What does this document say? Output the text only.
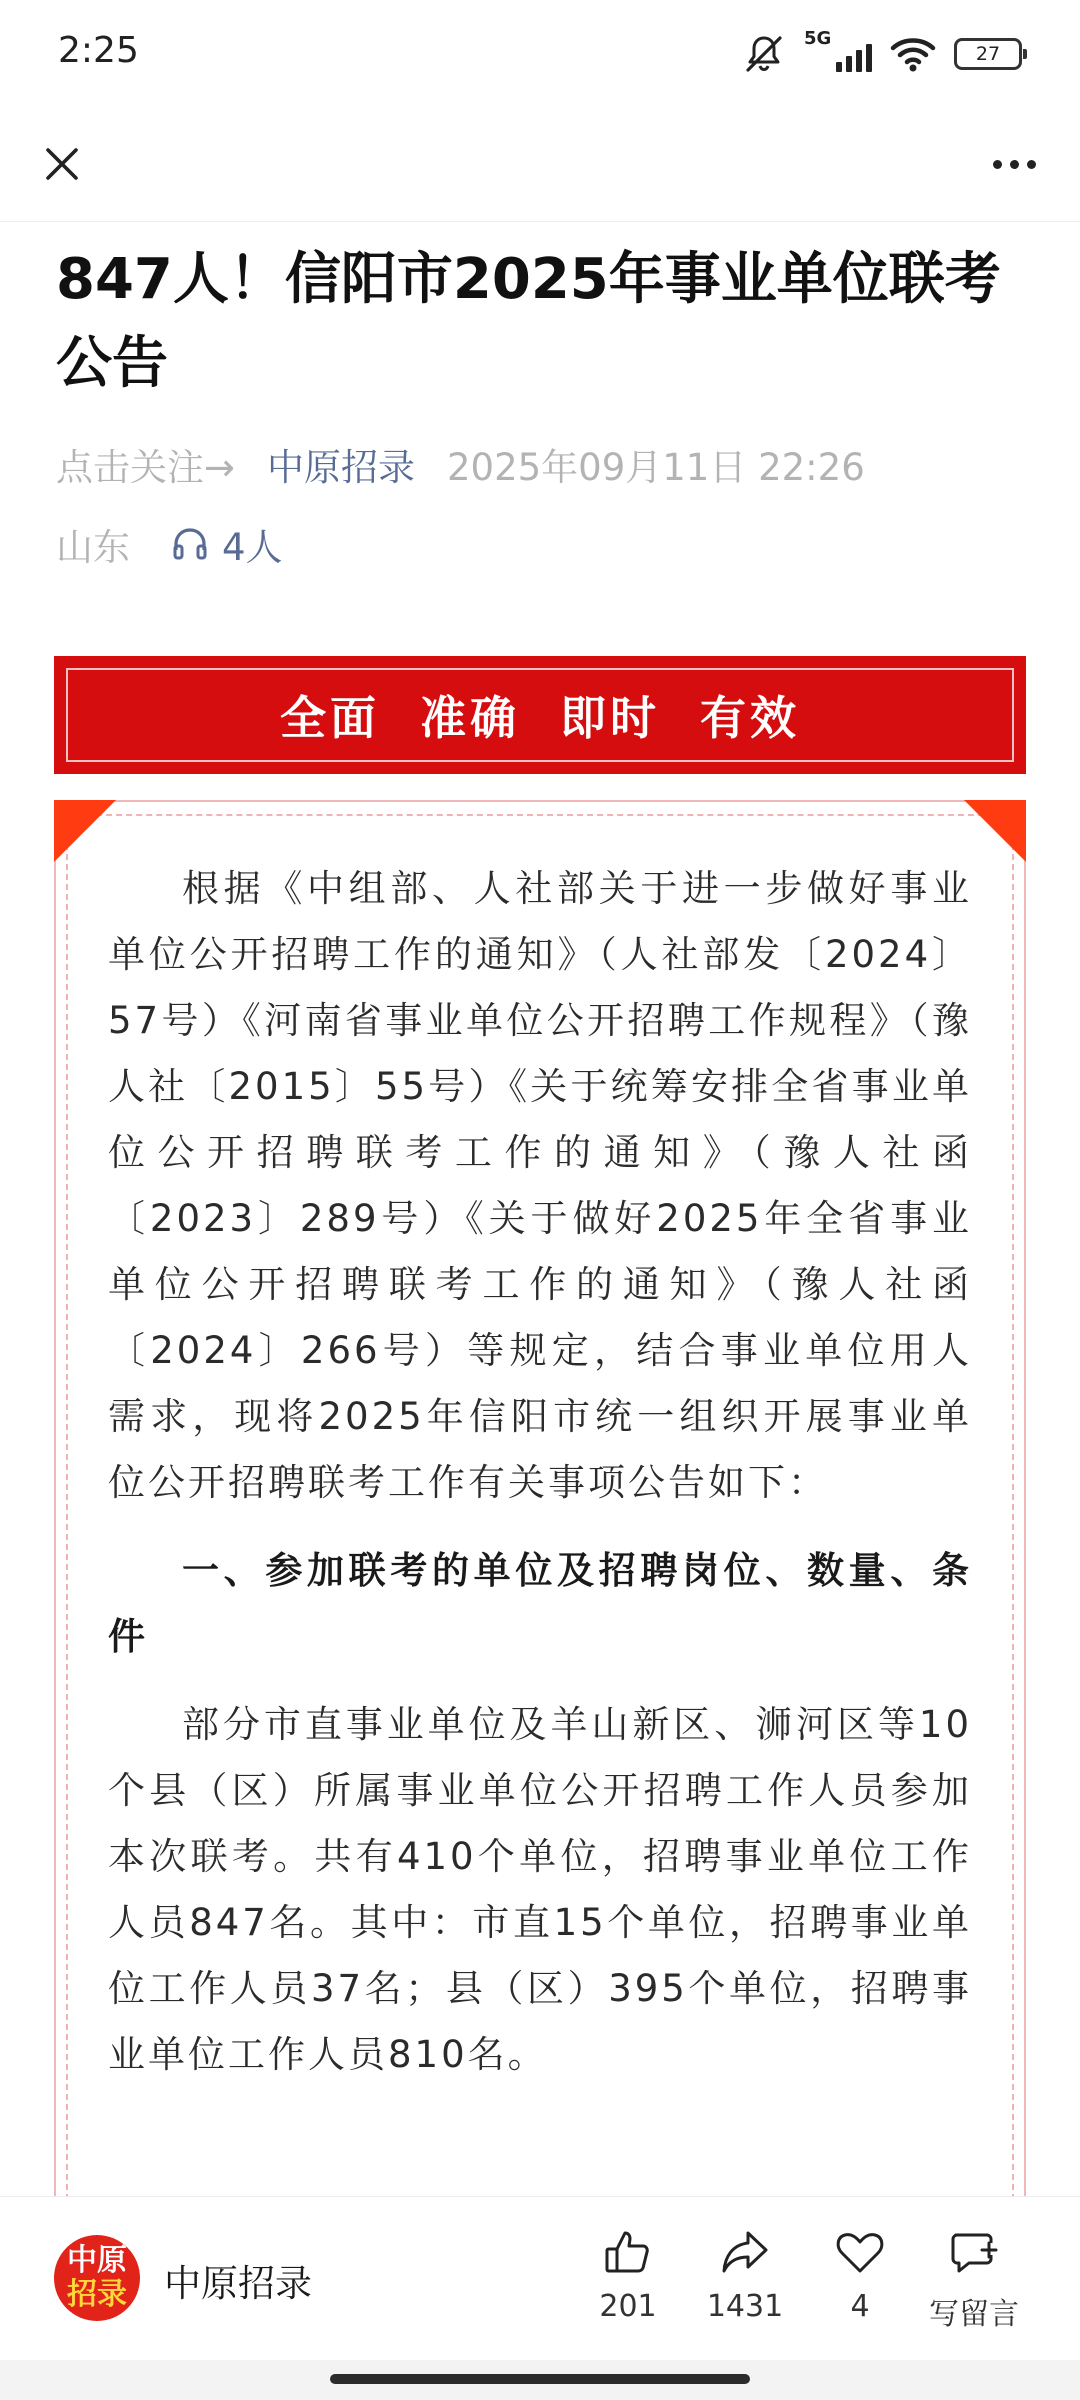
2:25	5G
27
847人！信阳市2025年事业单位联考公告
点击关注→ 中原招录 2025年09月11日 22:26
山东 4人
全面 准确 即时 有效

根据《中组部、人社部关于进一步做好事业单位公开招聘工作的通知》（人社部发〔2024〕57号）《河南省事业单位公开招聘工作规程》（豫人社〔2015〕55号）《关于统筹安排全省事业单位公开招聘联考工作的通知》（豫人社函〔2023〕289号）《关于做好2025年全省事业单位公开招聘联考工作的通知》（豫人社函〔2024〕266号）等规定，结合事业单位用人需求，现将2025年信阳市统一组织开展事业单位公开招聘联考工作有关事项公告如下：

一、参加联考的单位及招聘岗位、数量、条件

部分市直事业单位及羊山新区、浉河区等10个县（区）所属事业单位公开招聘工作人员参加本次联考。共有410个单位，招聘事业单位工作人员847名。其中：市直15个单位，招聘事业单位工作人员37名；县（区）395个单位，招聘事业单位工作人员810名。

中原
招录 中原招录
201	1431	4	写留言
